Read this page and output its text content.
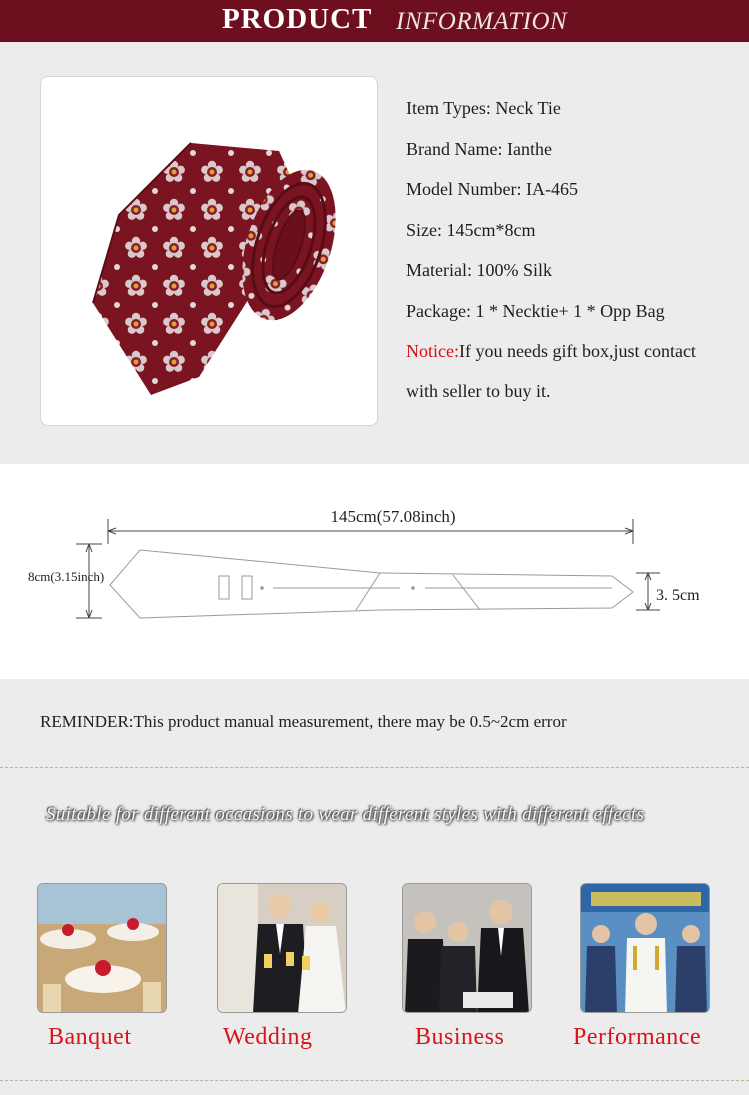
PRODUCT INFORMATION
Item Types: Neck Tie
Brand Name: Ianthe
Model Number: IA-465
Size: 145cm*8cm
Material: 100% Silk
Package: 1 * Necktie+ 1 * Opp Bag
Notice:If you needs gift box,just contact
with seller to buy it.
145cm(57.08inch)
8cm(3.15inch)
3. 5cm
REMINDER:This product manual measurement, there may be 0.5~2cm error
Suitable for different occasions to wear different styles with different effects
Banquet	Wedding	Business	Performance
